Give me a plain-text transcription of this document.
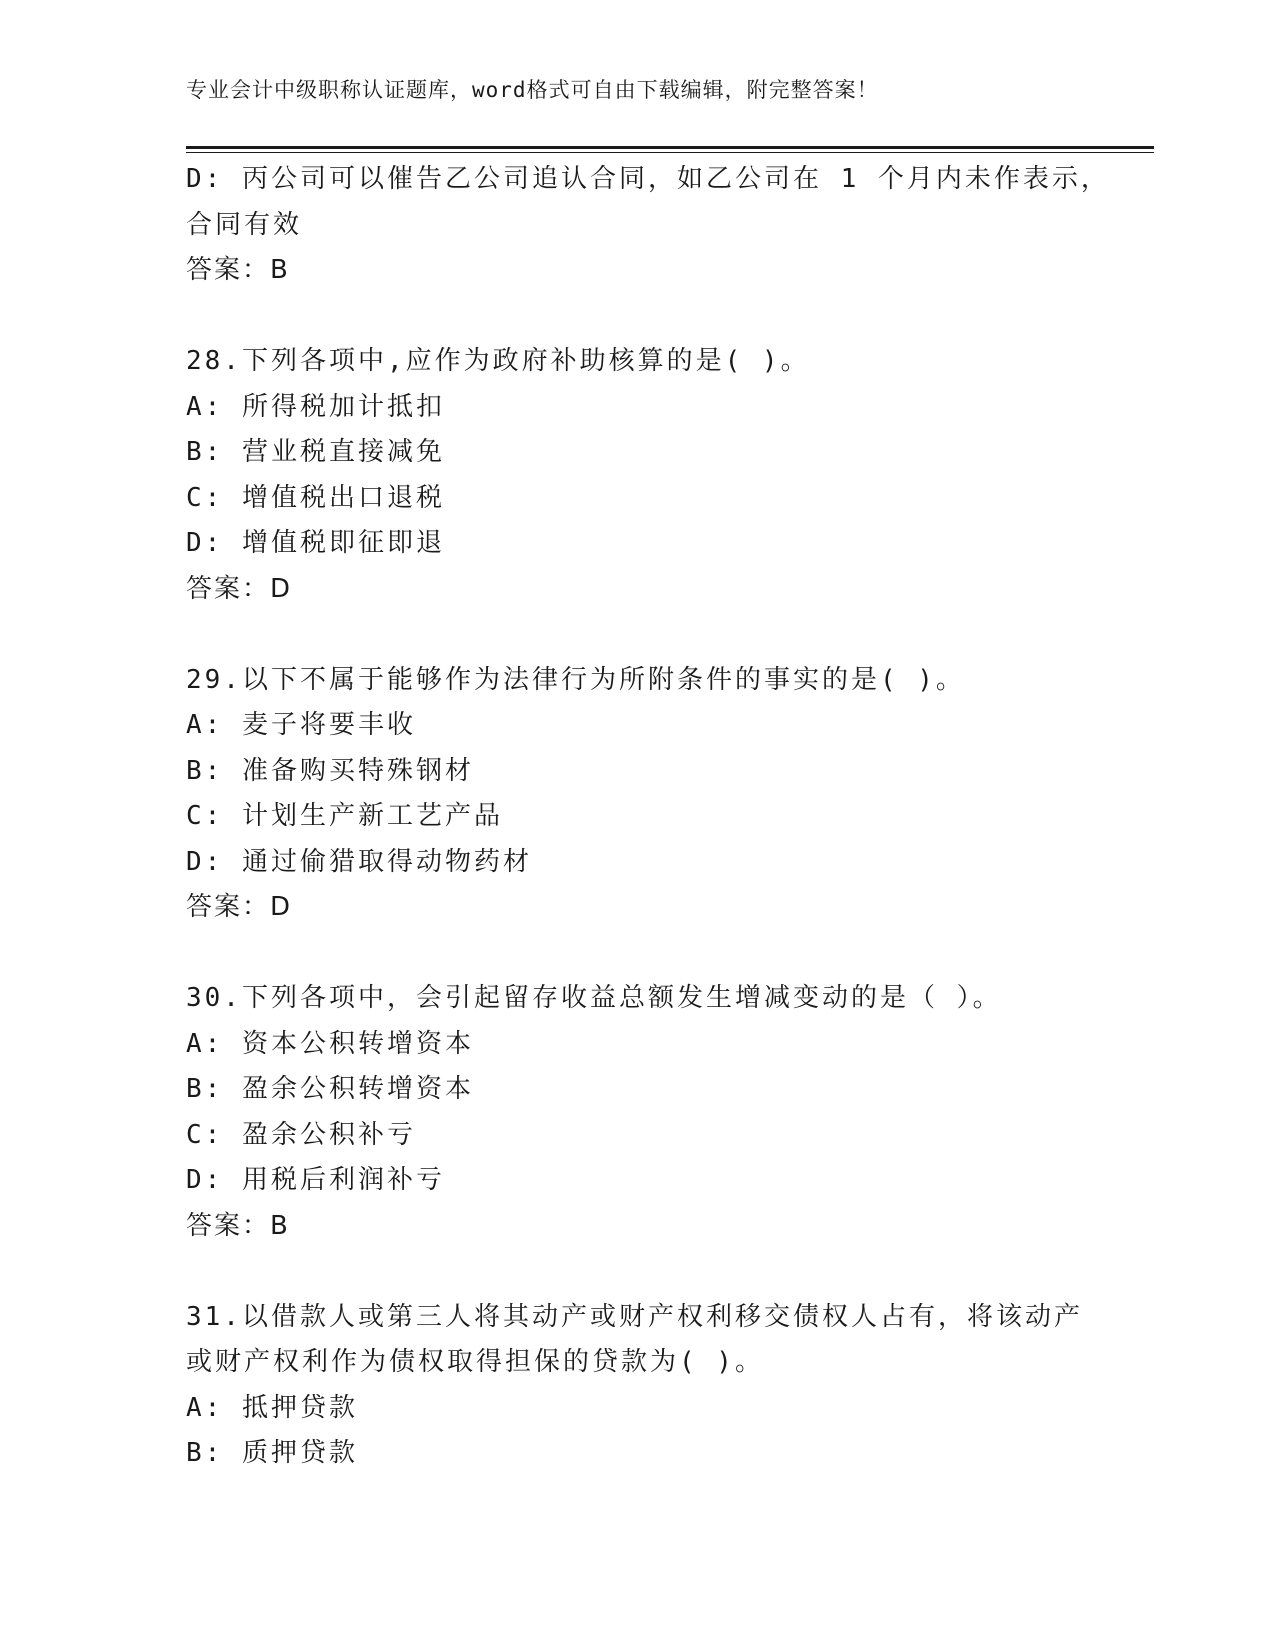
专业会计中级职称认证题库，word格式可自由下载编辑，附完整答案！
D: 丙公司可以催告乙公司追认合同，如乙公司在 1 个月内未作表示，
合同有效
答案：B
28.下列各项中,应作为政府补助核算的是( )。
A: 所得税加计抵扣
B: 营业税直接减免
C: 增值税出口退税
D: 增值税即征即退
答案：D
29.以下不属于能够作为法律行为所附条件的事实的是( )。
A: 麦子将要丰收
B: 准备购买特殊钢材
C: 计划生产新工艺产品
D: 通过偷猎取得动物药材
答案：D
30.下列各项中，会引起留存收益总额发生增减变动的是（ ）。
A: 资本公积转增资本
B: 盈余公积转增资本
C: 盈余公积补亏
D: 用税后利润补亏
答案：B
31.以借款人或第三人将其动产或财产权利移交债权人占有，将该动产
或财产权利作为债权取得担保的贷款为( )。
A: 抵押贷款
B: 质押贷款
